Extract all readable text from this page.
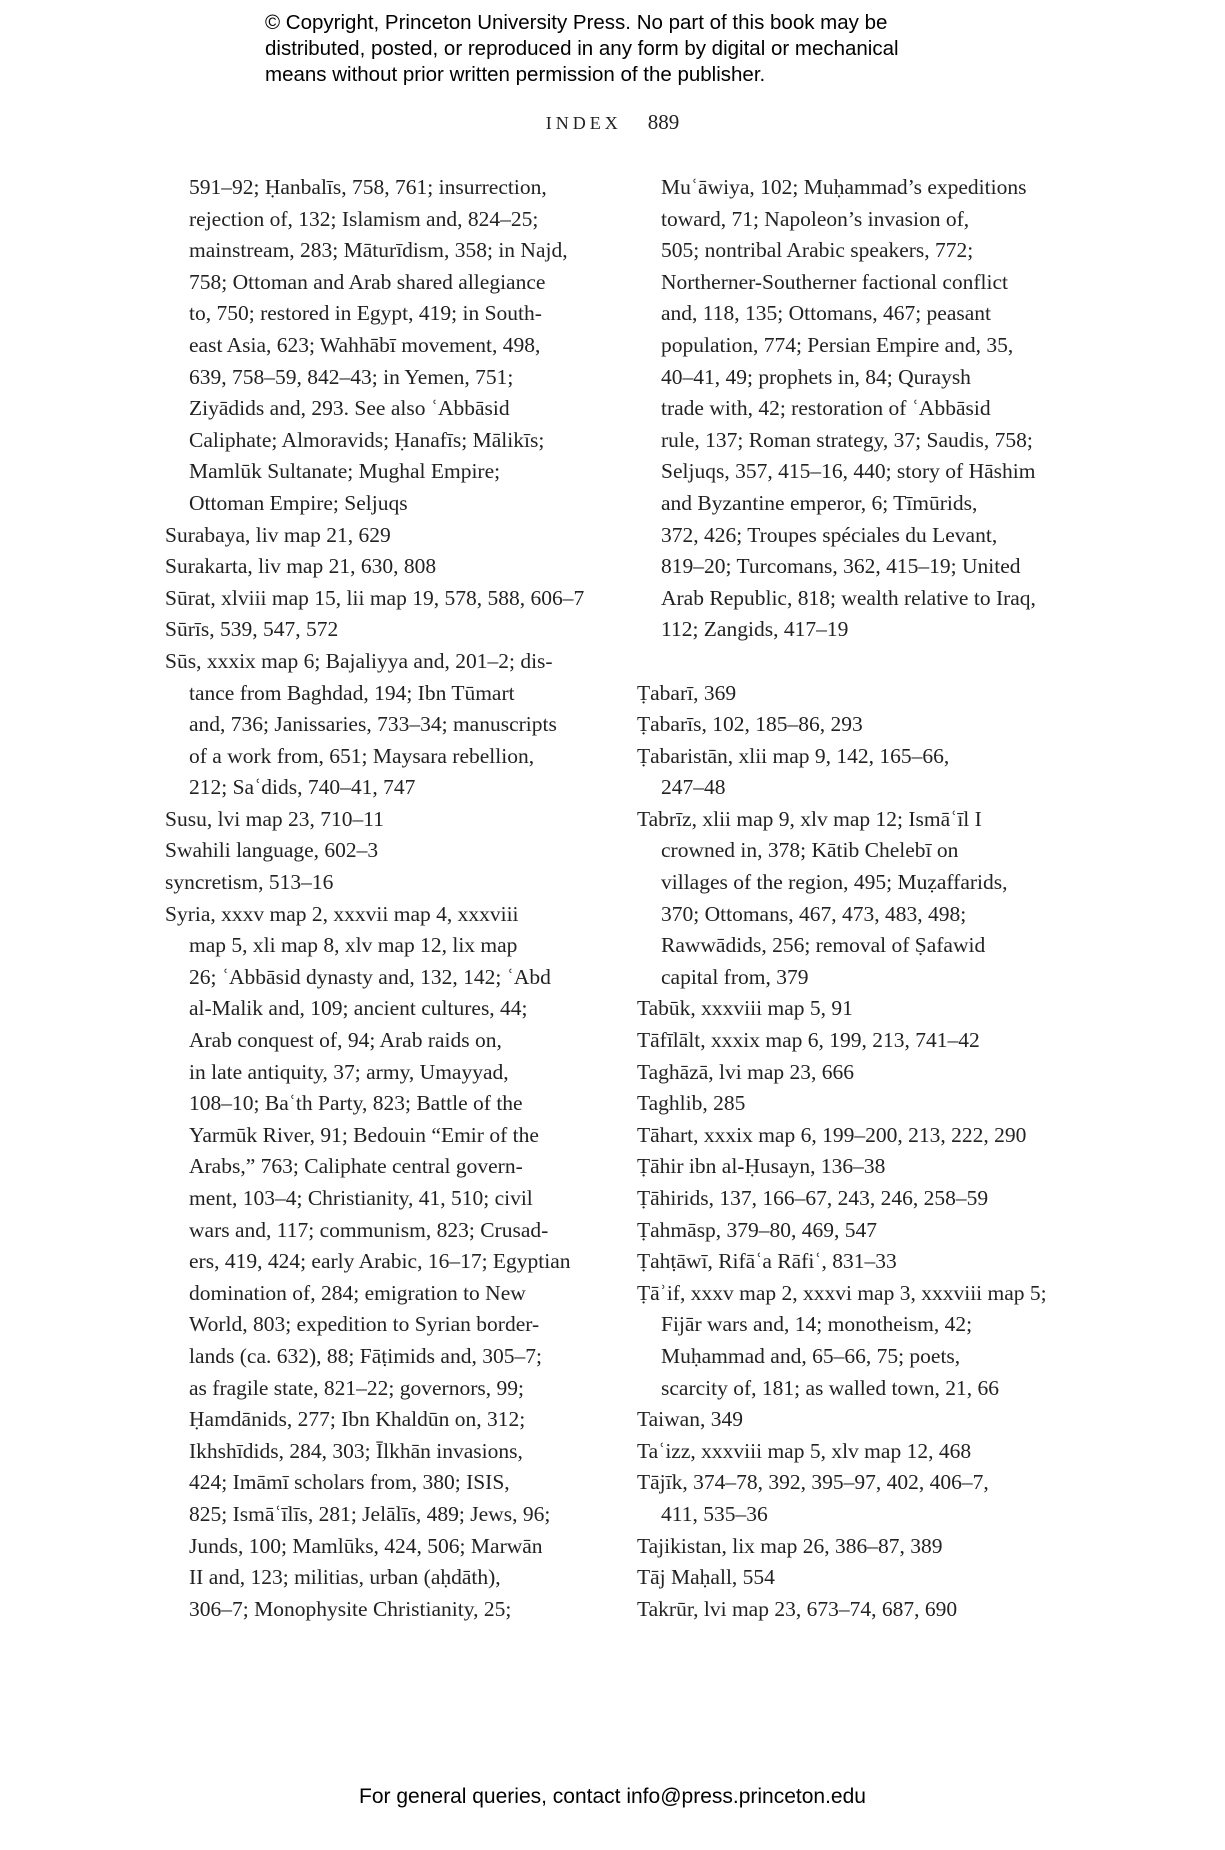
© Copyright, Princeton University Press. No part of this book may be
distributed, posted, or reproduced in any form by digital or mechanical
means without prior written permission of the publisher.
INDEX 889
591–92; Ḥanbalīs, 758, 761; insurrection,
rejection of, 132; Islamism and, 824–25;
mainstream, 283; Māturīdism, 358; in Najd,
758; Ottoman and Arab shared allegiance
to, 750; restored in Egypt, 419; in South-
east Asia, 623; Wahhābī movement, 498,
639, 758–59, 842–43; in Yemen, 751;
Ziyādids and, 293. See also ʿAbbāsid
Caliphate; Almoravids; Ḥanafīs; Mālikīs;
Mamlūk Sultanate; Mughal Empire;
Ottoman Empire; Seljuqs
Surabaya, liv map 21, 629
Surakarta, liv map 21, 630, 808
Sūrat, xlviii map 15, lii map 19, 578, 588, 606–7
Sūrīs, 539, 547, 572
Sūs, xxxix map 6; Bajaliyya and, 201–2; dis-
tance from Baghdad, 194; Ibn Tūmart
and, 736; Janissaries, 733–34; manuscripts
of a work from, 651; Maysara rebellion,
212; Saʿdids, 740–41, 747
Susu, lvi map 23, 710–11
Swahili language, 602–3
syncretism, 513–16
Syria, xxxv map 2, xxxvii map 4, xxxviii
map 5, xli map 8, xlv map 12, lix map
26; ʿAbbāsid dynasty and, 132, 142; ʿAbd
al-Malik and, 109; ancient cultures, 44;
Arab conquest of, 94; Arab raids on,
in late antiquity, 37; army, Umayyad,
108–10; Baʿth Party, 823; Battle of the
Yarmūk River, 91; Bedouin “Emir of the
Arabs,” 763; Caliphate central govern-
ment, 103–4; Christianity, 41, 510; civil
wars and, 117; communism, 823; Crusad-
ers, 419, 424; early Arabic, 16–17; Egyptian
domination of, 284; emigration to New
World, 803; expedition to Syrian border-
lands (ca. 632), 88; Fāṭimids and, 305–7;
as fragile state, 821–22; governors, 99;
Ḥamdānids, 277; Ibn Khaldūn on, 312;
Ikhshīdids, 284, 303; Īlkhān invasions,
424; Imāmī scholars from, 380; ISIS,
825; Ismāʿīlīs, 281; Jelālīs, 489; Jews, 96;
Junds, 100; Mamlūks, 424, 506; Marwān
II and, 123; militias, urban (aḥdāth),
306–7; Monophysite Christianity, 25;
Muʿāwiya, 102; Muḥammad’s expeditions
toward, 71; Napoleon’s invasion of,
505; nontribal Arabic speakers, 772;
Northerner-Southerner factional conflict
and, 118, 135; Ottomans, 467; peasant
population, 774; Persian Empire and, 35,
40–41, 49; prophets in, 84; Quraysh
trade with, 42; restoration of ʿAbbāsid
rule, 137; Roman strategy, 37; Saudis, 758;
Seljuqs, 357, 415–16, 440; story of Hāshim
and Byzantine emperor, 6; Tīmūrids,
372, 426; Troupes spéciales du Levant,
819–20; Turcomans, 362, 415–19; United
Arab Republic, 818; wealth relative to Iraq,
112; Zangids, 417–19
Ṭabarī, 369
Ṭabarīs, 102, 185–86, 293
Ṭabaristān, xlii map 9, 142, 165–66,
247–48
Tabrīz, xlii map 9, xlv map 12; Ismāʿīl I
crowned in, 378; Kātib Chelebī on
villages of the region, 495; Muẓaffarids,
370; Ottomans, 467, 473, 483, 498;
Rawwādids, 256; removal of Ṣafawid
capital from, 379
Tabūk, xxxviii map 5, 91
Tāfīlālt, xxxix map 6, 199, 213, 741–42
Taghāzā, lvi map 23, 666
Taghlib, 285
Tāhart, xxxix map 6, 199–200, 213, 222, 290
Ṭāhir ibn al-Ḥusayn, 136–38
Ṭāhirids, 137, 166–67, 243, 246, 258–59
Ṭahmāsp, 379–80, 469, 547
Ṭahṭāwī, Rifāʿa Rāfiʿ, 831–33
Ṭāʾif, xxxv map 2, xxxvi map 3, xxxviii map 5;
Fijār wars and, 14; monotheism, 42;
Muḥammad and, 65–66, 75; poets,
scarcity of, 181; as walled town, 21, 66
Taiwan, 349
Taʿizz, xxxviii map 5, xlv map 12, 468
Tājīk, 374–78, 392, 395–97, 402, 406–7,
411, 535–36
Tajikistan, lix map 26, 386–87, 389
Tāj Maḥall, 554
Takrūr, lvi map 23, 673–74, 687, 690
For general queries, contact info@press.princeton.edu
